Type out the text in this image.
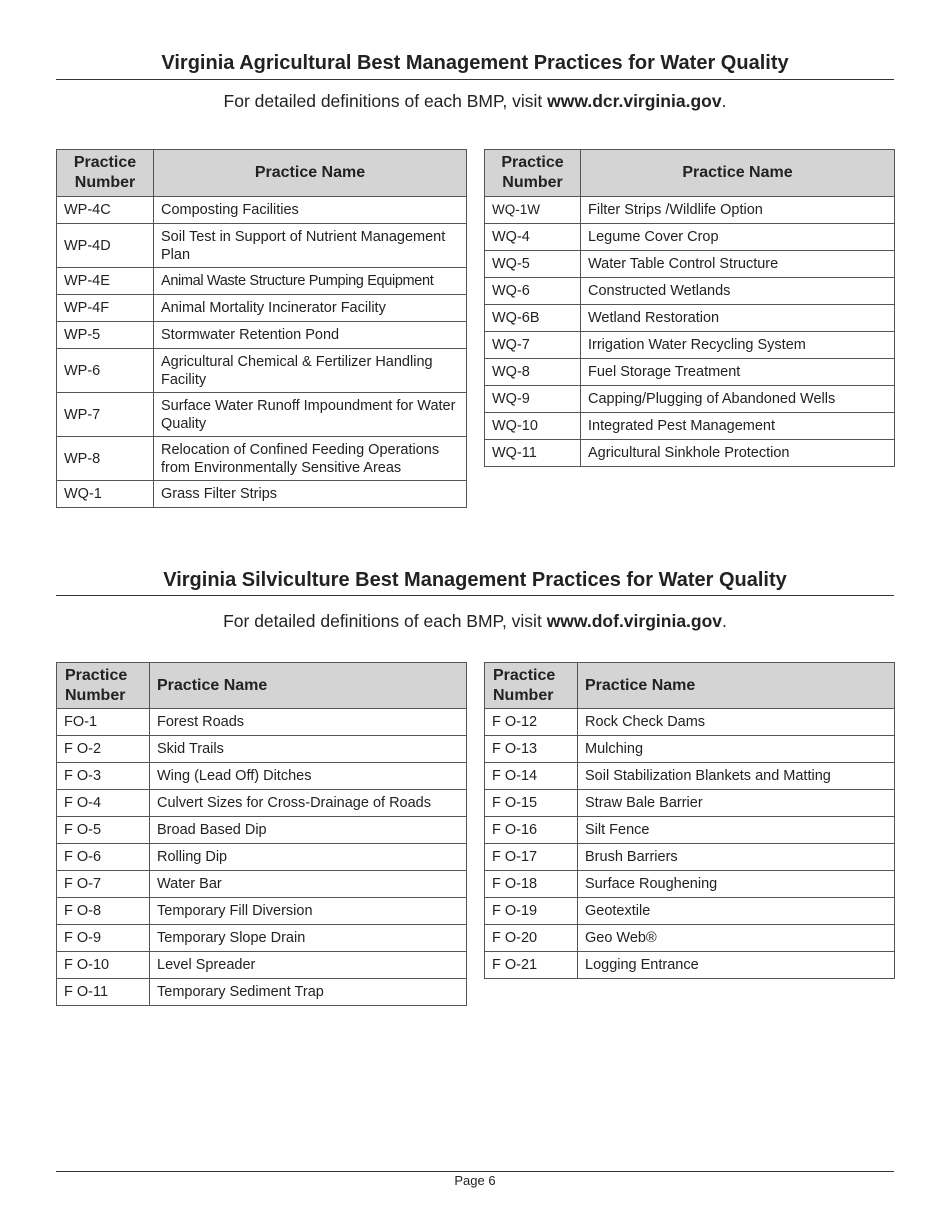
Virginia Agricultural Best Management Practices for Water Quality
For detailed definitions of each BMP, visit www.dcr.virginia.gov.
Practice Number	Practice Name
WP-4C	Composting Facilities
WP-4D	Soil Test in Support of Nutrient Management Plan
WP-4E	Animal Waste Structure Pumping Equipment
WP-4F	Animal Mortality Incinerator Facility
WP-5	Stormwater Retention Pond
WP-6	Agricultural Chemical & Fertilizer Handling Facility
WP-7	Surface Water Runoff Impoundment for Water Quality
WP-8	Relocation of Confined Feeding Operations from Environmentally Sensitive Areas
WQ-1	Grass Filter Strips
Practice Number	Practice Name
WQ-1W	Filter Strips /Wildlife Option
WQ-4	Legume Cover Crop
WQ-5	Water Table Control Structure
WQ-6	Constructed Wetlands
WQ-6B	Wetland Restoration
WQ-7	Irrigation Water Recycling System
WQ-8	Fuel Storage Treatment
WQ-9	Capping/Plugging of Abandoned Wells
WQ-10	Integrated Pest Management
WQ-11	Agricultural Sinkhole Protection
Virginia Silviculture Best Management Practices for Water Quality
For detailed definitions of each BMP, visit www.dof.virginia.gov.
Practice Number	Practice Name
FO-1	Forest Roads
F O-2	Skid Trails
F O-3	Wing (Lead Off) Ditches
F O-4	Culvert Sizes for Cross-Drainage of Roads
F O-5	Broad Based Dip
F O-6	Rolling Dip
F O-7	Water Bar
F O-8	Temporary Fill Diversion
F O-9	Temporary Slope Drain
F O-10	Level Spreader
F O-11	Temporary Sediment Trap
Practice Number	Practice Name
F O-12	Rock Check Dams
F O-13	Mulching
F O-14	Soil Stabilization Blankets and Matting
F O-15	Straw Bale Barrier
F O-16	Silt Fence
F O-17	Brush Barriers
F O-18	Surface Roughening
F O-19	Geotextile
F O-20	Geo Web®
F O-21	Logging Entrance
Page 6
